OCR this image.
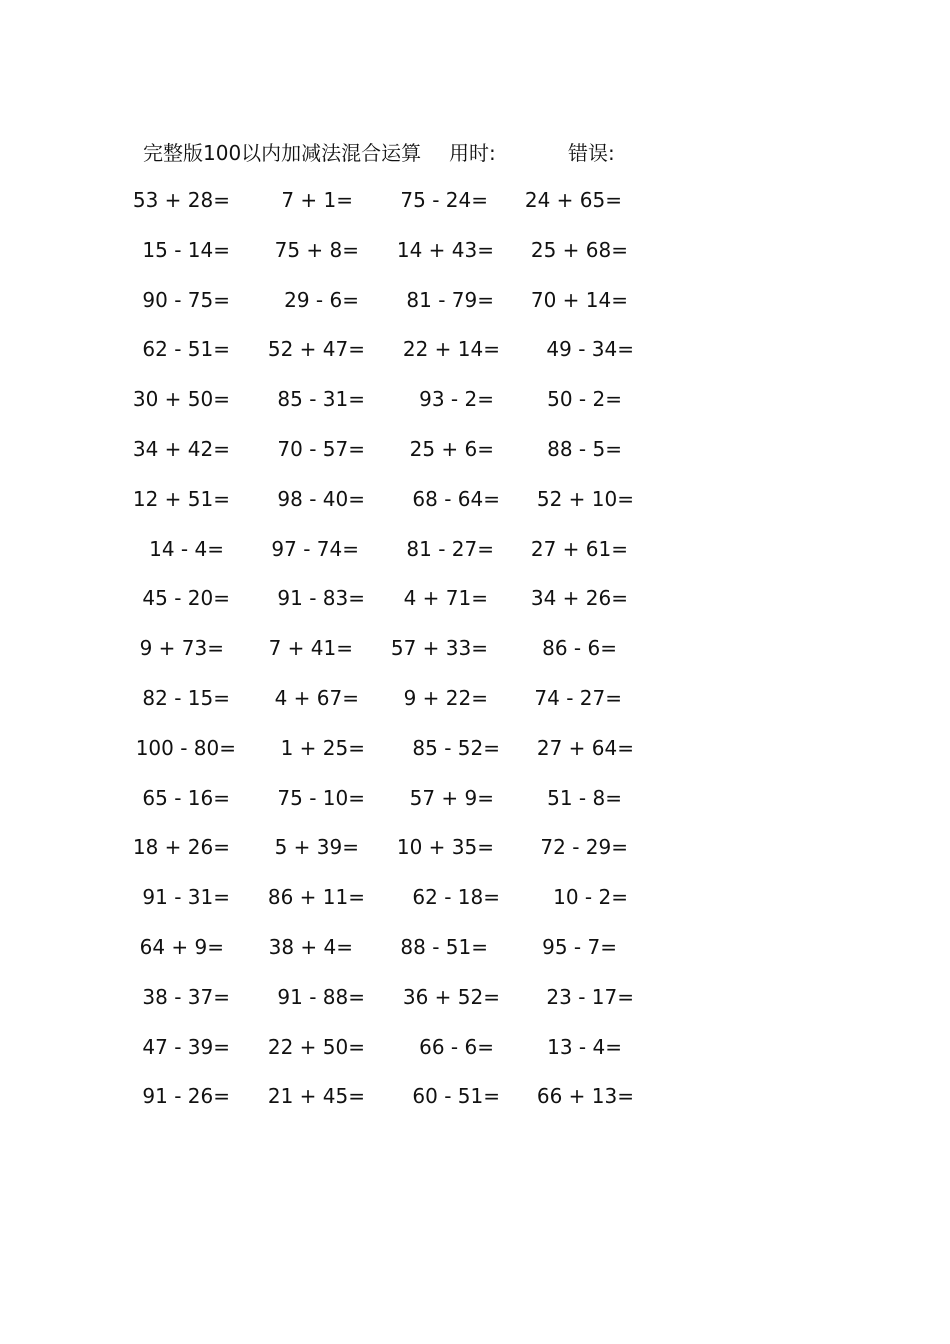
完整版100以内加减法混合运算 用时:	错误:
53 + 28=	7 + 1= 75 - 24= 24 + 65=
15 - 14= 75 + 8= 14 + 43= 25 + 68=
90 - 75=	29 - 6= 81 - 79= 70 + 14=
62 - 51= 52 + 47= 22 + 14= 49 - 34=
30 + 50= 85 - 31=	93 - 2=	50 - 2=
34 + 42= 70 - 57= 25 + 6=	88 - 5=
12 + 51= 98 - 40= 68 - 64= 52 + 10=
14 - 4= 97 - 74= 81 - 27= 27 + 61=
45 - 20= 91 - 83= 4 + 71= 34 + 26=
9 + 73= 7 + 41= 57 + 33=	86 - 6=
82 - 15= 4 + 67= 9 + 22= 74 - 27=
100 - 80= 1 + 25= 85 - 52= 27 + 64=
65 - 16= 75 - 10= 57 + 9=	51 - 8=
18 + 26= 5 + 39= 10 + 35= 72 - 29=
91 - 31= 86 + 11= 62 - 18=	10 - 2=
64 + 9= 38 + 4= 88 - 51=	95 - 7=
38 - 37= 91 - 88= 36 + 52= 23 - 17=
47 - 39= 22 + 50=	66 - 6=	13 - 4=
91 - 26= 21 + 45= 60 - 51= 66 + 13=
